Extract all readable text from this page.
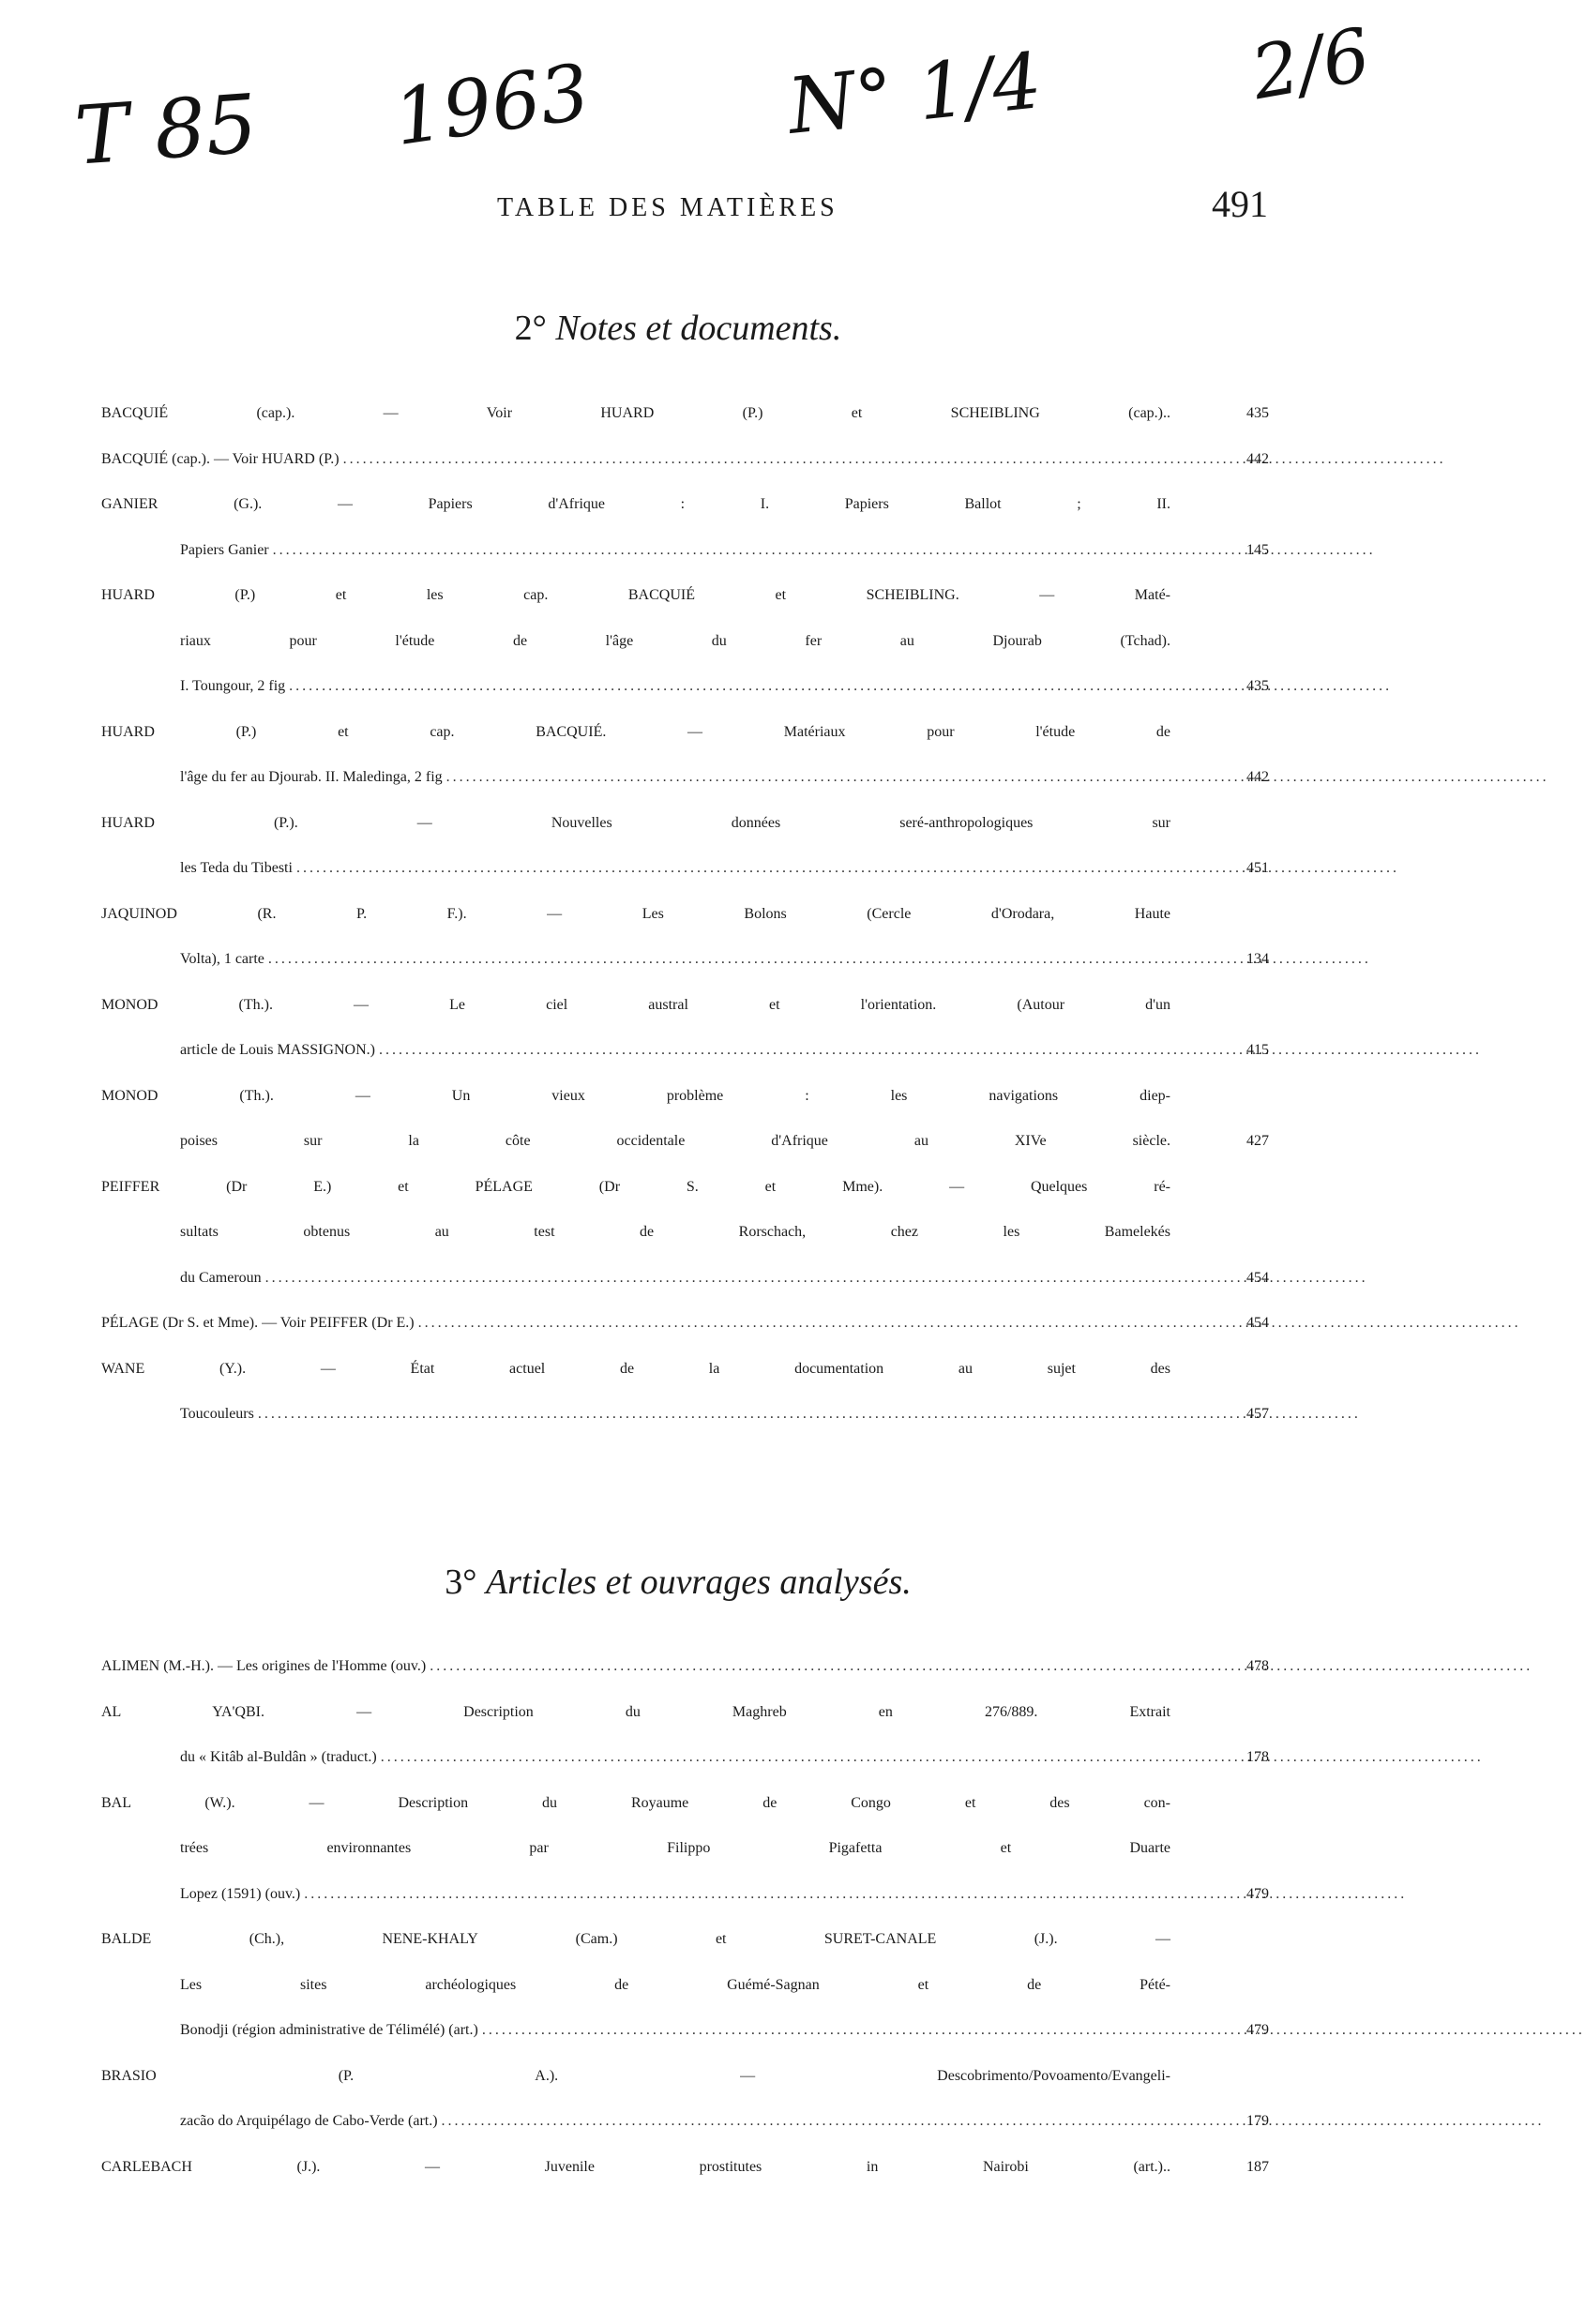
T 85 1963 N° 1/4	2/6
TABLE DES MATIÈRES	491
2° Notes et documents.
BACQUIÉ (cap.). — Voir HUARD (P.) et SCHEIBLING (cap.)..	435
BACQUIÉ (cap.). — Voir HUARD (P.) .....	442
GANIER (G.). — Papiers d'Afrique : I. Papiers Ballot ; II.
Papiers Ganier .....	145
HUARD (P.) et les cap. BACQUIÉ et SCHEIBLING. — Maté-
riaux pour l'étude de l'âge du fer au Djourab (Tchad).
I. Toungour, 2 fig .....	435
HUARD (P.) et cap. BACQUIÉ. — Matériaux pour l'étude de
l'âge du fer au Djourab. II. Maledinga, 2 fig .....	442
HUARD (P.). — Nouvelles données seré-anthropologiques sur
les Teda du Tibesti .....	451
JAQUINOD (R. P. F.). — Les Bolons (Cercle d'Orodara, Haute
Volta), 1 carte .....	134
MONOD (Th.). — Le ciel austral et l'orientation. (Autour d'un
article de Louis MASSIGNON.) .....	415
MONOD (Th.). — Un vieux problème : les navigations diep-
poises sur la côte occidentale d'Afrique au XIVe siècle.	427
PEIFFER (Dr E.) et PÉLAGE (Dr S. et Mme). — Quelques ré-
sultats obtenus au test de Rorschach, chez les Bamelekés
du Cameroun .....	454
PÉLAGE (Dr S. et Mme). — Voir PEIFFER (Dr E.) .....	454
WANE (Y.). — État actuel de la documentation au sujet des
Toucouleurs .....	457
3° Articles et ouvrages analysés.
ALIMEN (M.-H.). — Les origines de l'Homme (ouv.) .....	478
AL YA'QBI. — Description du Maghreb en 276/889. Extrait
du « Kitâb al-Buldân » (traduct.) .....	178
BAL (W.). — Description du Royaume de Congo et des con-
trées environnantes par Filippo Pigafetta et Duarte
Lopez (1591) (ouv.) .....	479
BALDE (Ch.), NENE-KHALY (Cam.) et SURET-CANALE (J.). —
Les sites archéologiques de Guémé-Sagnan et de Pété-
Bonodji (région administrative de Télimélé) (art.) .....	479
BRASIO (P. A.). — Descobrimento/Povoamento/Evangeli-
zacão do Arquipélago de Cabo-Verde (art.) .....	179
CARLEBACH (J.). — Juvenile prostitutes in Nairobi (art.)..	187
